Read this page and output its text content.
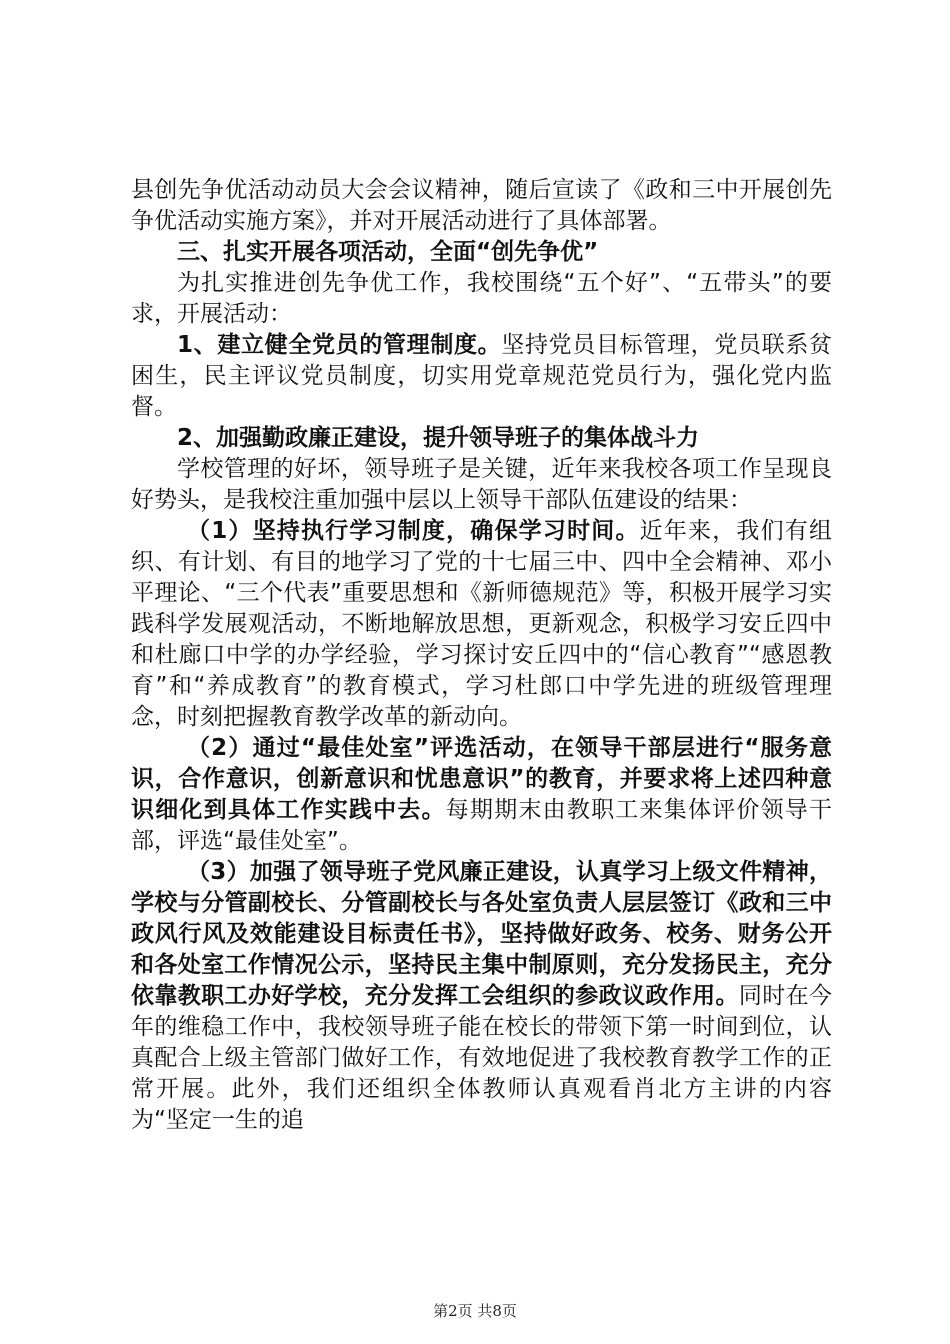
县创先争优活动动员大会会议精神，随后宣读了《政和三中开展创先争优活动实施方案》，并对开展活动进行了具体部署。

三、扎实开展各项活动，全面“创先争优”

为扎实推进创先争优工作，我校围绕“五个好”、“五带头”的要求，开展活动：

1、建立健全党员的管理制度。坚持党员目标管理，党员联系贫困生，民主评议党员制度，切实用党章规范党员行为，强化党内监督。

2、加强勤政廉正建设，提升领导班子的集体战斗力

学校管理的好坏，领导班子是关键，近年来我校各项工作呈现良好势头，是我校注重加强中层以上领导干部队伍建设的结果：

（1）坚持执行学习制度，确保学习时间。近年来，我们有组织、有计划、有目的地学习了党的十七届三中、四中全会精神、邓小平理论、“三个代表”重要思想和《新师德规范》等，积极开展学习实践科学发展观活动，不断地解放思想，更新观念，积极学习安丘四中和杜廊口中学的办学经验，学习探讨安丘四中的“信心教育”“感恩教育”和“养成教育”的教育模式，学习杜郎口中学先进的班级管理理念，时刻把握教育教学改革的新动向。

（2）通过“最佳处室”评选活动，在领导干部层进行“服务意识，合作意识，创新意识和忧患意识”的教育，并要求将上述四种意识细化到具体工作实践中去。每期期末由教职工来集体评价领导干部，评选“最佳处室”。

（3）加强了领导班子党风廉正建设，认真学习上级文件精神，学校与分管副校长、分管副校长与各处室负责人层层签订《政和三中政风行风及效能建设目标责任书》，坚持做好政务、校务、财务公开和各处室工作情况公示，坚持民主集中制原则，充分发扬民主，充分依靠教职工办好学校，充分发挥工会组织的参政议政作用。同时在今年的维稳工作中，我校领导班子能在校长的带领下第一时间到位，认真配合上级主管部门做好工作，有效地促进了我校教育教学工作的正常开展。此外，我们还组织全体教师认真观看肖北方主讲的内容为“坚定一生的追

第2页 共8页
